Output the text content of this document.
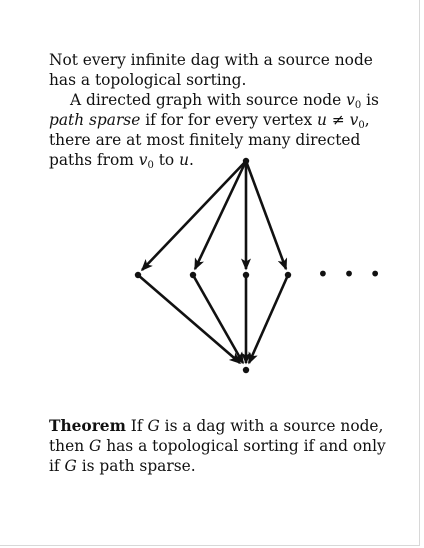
Not every infinite dag with a source node has a topological sorting.

A directed graph with source node $v_0$ is path sparse if for for every vertex $u \ne v_0$, there are at most finitely many directed paths from $v_0$ to u.

• • •

Theorem If G is a dag with a source node, then G has a topological sorting if and only if G is path sparse.
